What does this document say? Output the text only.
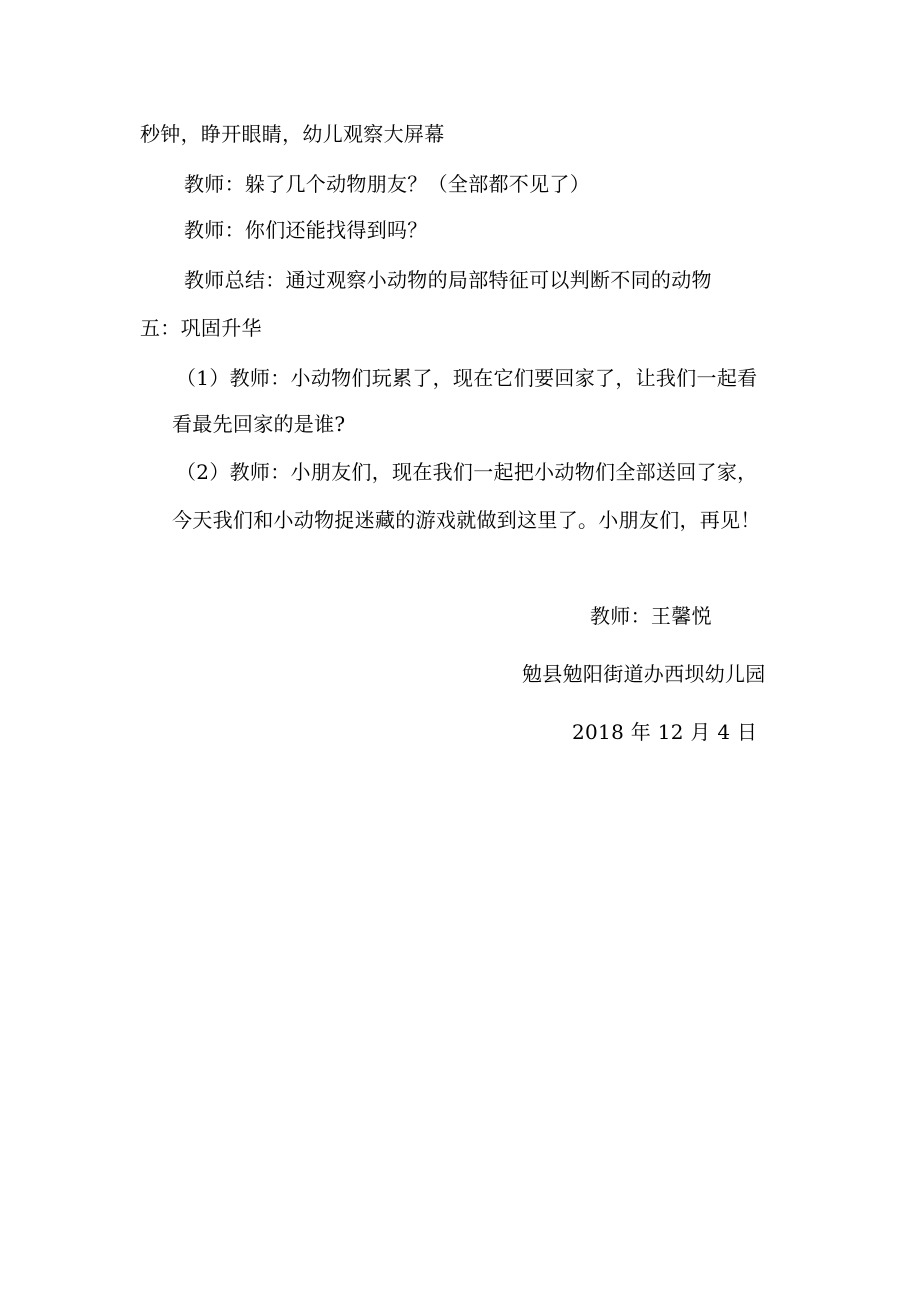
秒钟，睁开眼睛，幼儿观察大屏幕
教师：躲了几个动物朋友？（全部都不见了）
教师：你们还能找得到吗？
教师总结：通过观察小动物的局部特征可以判断不同的动物
五：巩固升华
（1）教师：小动物们玩累了，现在它们要回家了，让我们一起看
看最先回家的是谁?
（2）教师：小朋友们，现在我们一起把小动物们全部送回了家，
今天我们和小动物捉迷藏的游戏就做到这里了。小朋友们，再见！
教师：王馨悦
勉县勉阳街道办西坝幼儿园
2018 年 12 月 4 日
